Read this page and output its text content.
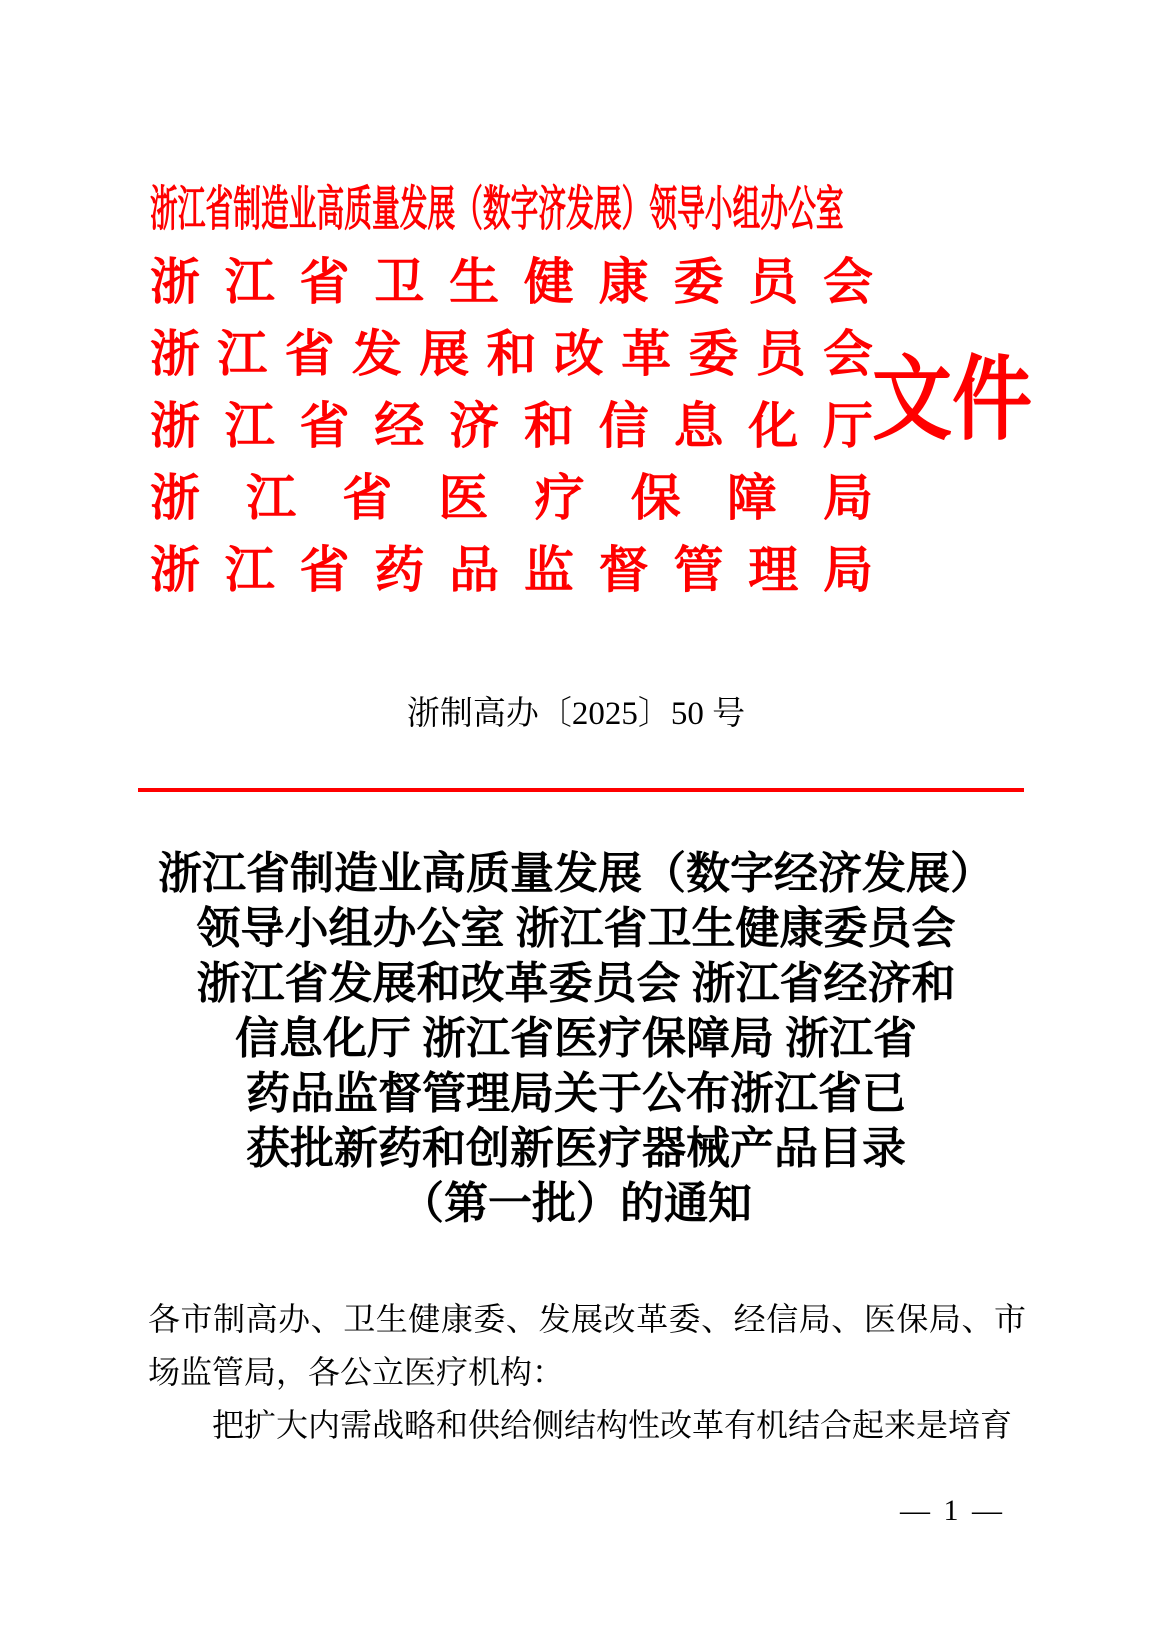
浙江省制造业高质量发展（数字济发展）领导小组办公室
浙江省卫生健康委员会
浙江省发展和改革委员会
浙江省经济和信息化厅
浙江省医疗保障局
浙江省药品监督管理局
文件
浙制高办〔2025〕50 号
浙江省制造业高质量发展（数字经济发展）
领导小组办公室 浙江省卫生健康委员会
浙江省发展和改革委员会 浙江省经济和
信息化厅 浙江省医疗保障局 浙江省
药品监督管理局关于公布浙江省已
获批新药和创新医疗器械产品目录
（第一批）的通知
各市制高办、卫生健康委、发展改革委、经信局、医保局、市
场监管局，各公立医疗机构：
把扩大内需战略和供给侧结构性改革有机结合起来是培育
— 1 —
